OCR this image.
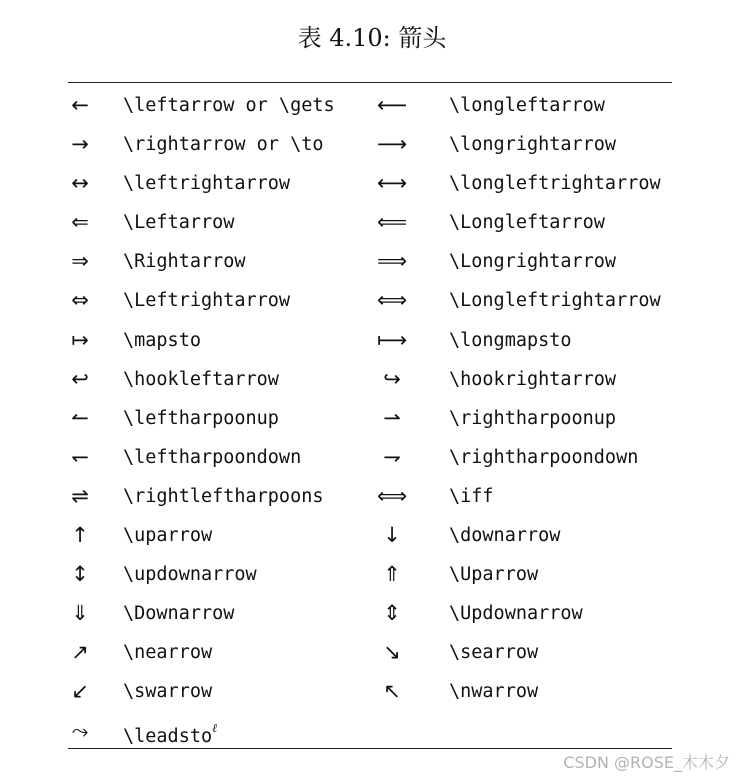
表 4.10: 箭头
←	\leftarrow or \gets	⟵	\longleftarrow
→	\rightarrow or \to	⟶	\longrightarrow
↔	\leftrightarrow	⟷	\longleftrightarrow
⇐	\Leftarrow	⟸	\Longleftarrow
⇒	\Rightarrow	⟹	\Longrightarrow
⇔	\Leftrightarrow	⟺	\Longleftrightarrow
↦	\mapsto	⟼	\longmapsto
↩	\hookleftarrow	↪	\hookrightarrow
↼	\leftharpoonup	⇀	\rightharpoonup
↽	\leftharpoondown	⇁	\rightharpoondown
⇌	\rightleftharpoons	⟺	\iff
↑	\uparrow	↓	\downarrow
↕	\updownarrow	⇑	\Uparrow
⇓	\Downarrow	⇕	\Updownarrow
↗	\nearrow	↘	\searrow
↙	\swarrow	↖	\nwarrow
⤳	\leadsto$^\ell$
CSDN @ROSE_木木夕
